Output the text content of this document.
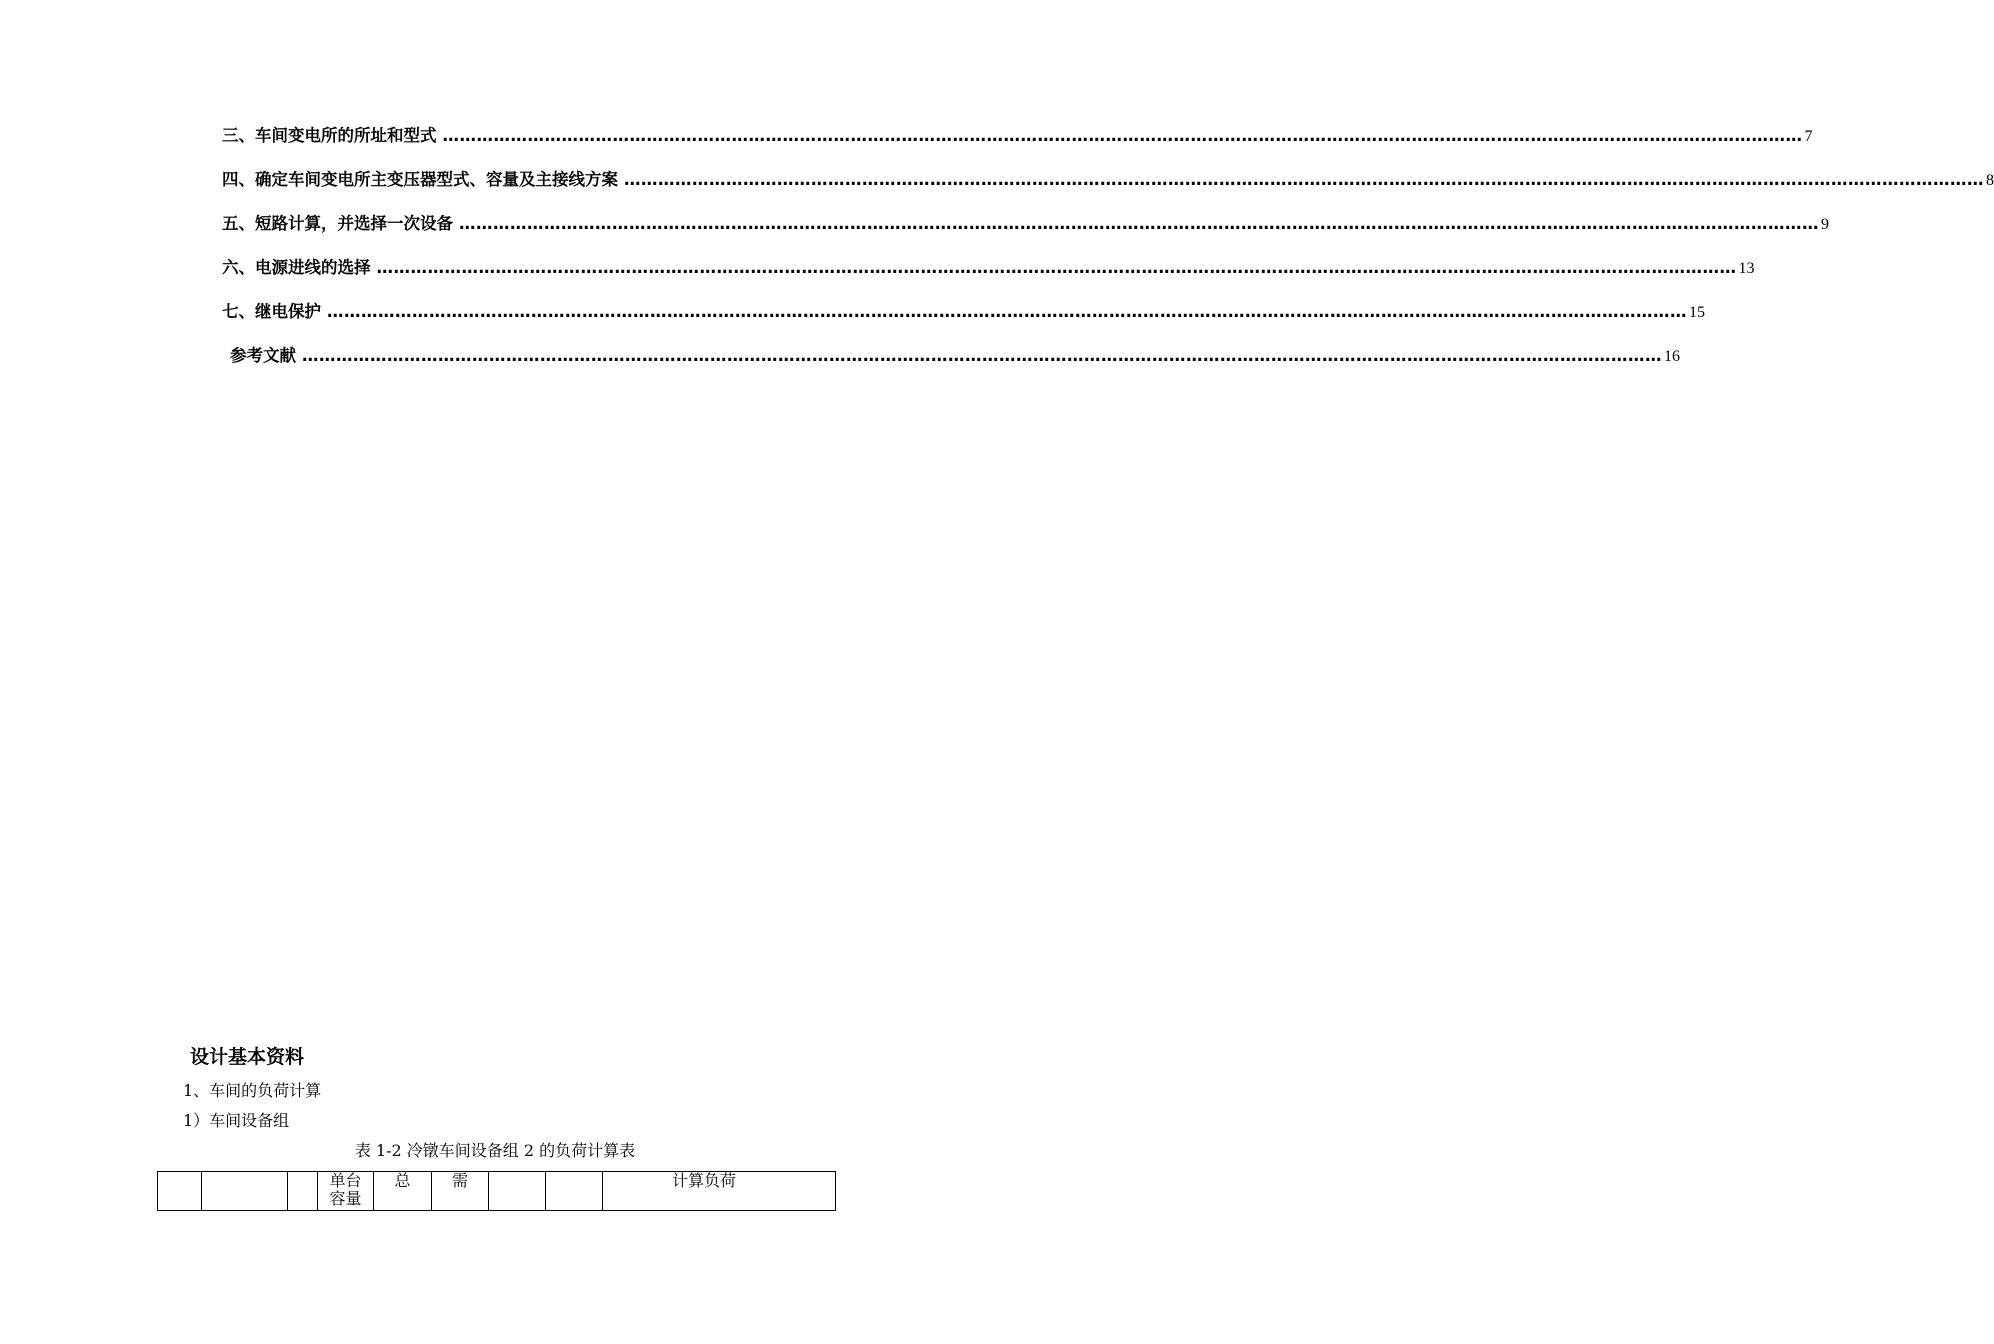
三、车间变电所的所址和型式 …………………………………………………………………………………………………………………………………………………………………………………………………………………… 7
四、确定车间变电所主变压器型式、容量及主接线方案 …………………………………………………………………………………………………………………………………………………………………………………………………………………… 8
五、短路计算，并选择一次设备 …………………………………………………………………………………………………………………………………………………………………………………………………………………… 9
六、电源进线的选择 …………………………………………………………………………………………………………………………………………………………………………………………………………………… 13
七、继电保护 …………………………………………………………………………………………………………………………………………………………………………………………………………………… 15
参考文献 …………………………………………………………………………………………………………………………………………………………………………………………………………………… 16
设计基本资料
1、车间的负荷计算
1）车间设备组
表 1-2 冷镦车间设备组 2 的负荷计算表
			单台容量	总	需			计算负荷
